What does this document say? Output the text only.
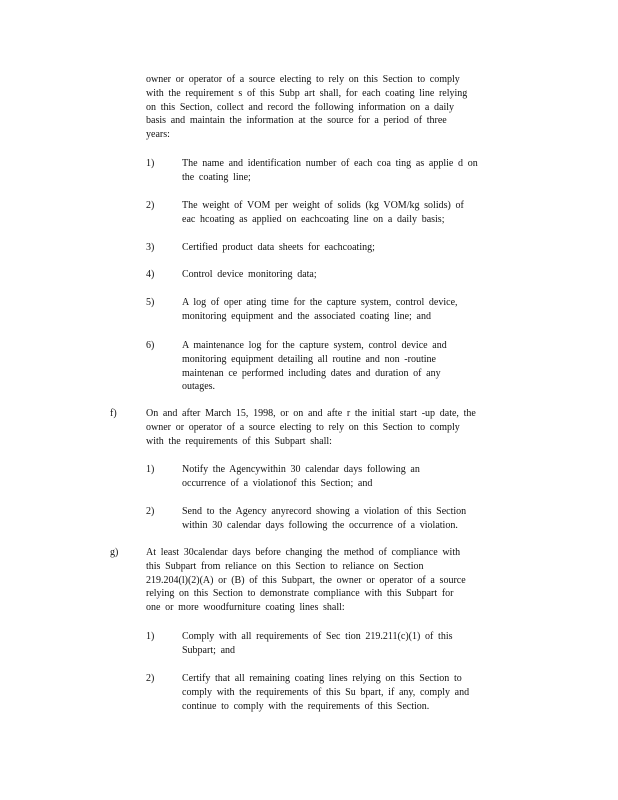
owner or operator of a source electing to rely on this Section to comply
with the requirement s of this Subp art shall, for each coating line relying
on this Section, collect and record the following information on a daily
basis and maintain the information at the source for a period of three
years:
1)	The name and identification number of each coa ting as applie d on
the coating line;
2)	The weight of VOM per weight of solids (kg VOM/kg solids) of
eac hcoating as applied on eachcoating line on a daily basis;
3)	Certified product data sheets for eachcoating;
4)	Control device monitoring data;
5)	A log of oper ating time for the capture system, control device,
monitoring equipment and the associated coating line; and
6)	A maintenance log for the capture system, control device and
monitoring equipment detailing all routine and non -routine
maintenan ce performed including dates and duration of any
outages.
f)	On and after March 15, 1998, or on and afte r the initial start -up date, the
owner or operator of a source electing to rely on this Section to comply
with the requirements of this Subpart shall:
1)	Notify the Agencywithin 30 calendar days following an
occurrence of a violationof this Section; and
2)	Send to the Agency anyrecord showing a violation of this Section
within 30 calendar days following the occurrence of a violation.
g)	At least 30calendar days before changing the method of compliance with
this Subpart from reliance on this Section to reliance on Section
219.204(l)(2)(A) or (B) of this Subpart, the owner or operator of a source
relying on this Section to demonstrate compliance with this Subpart for
one or more woodfurniture coating lines shall:
1)	Comply with all requirements of Sec tion 219.211(c)(1) of this
Subpart; and
2)	Certify that all remaining coating lines relying on this Section to
comply with the requirements of this Su bpart, if any, comply and
continue to comply with the requirements of this Section.
